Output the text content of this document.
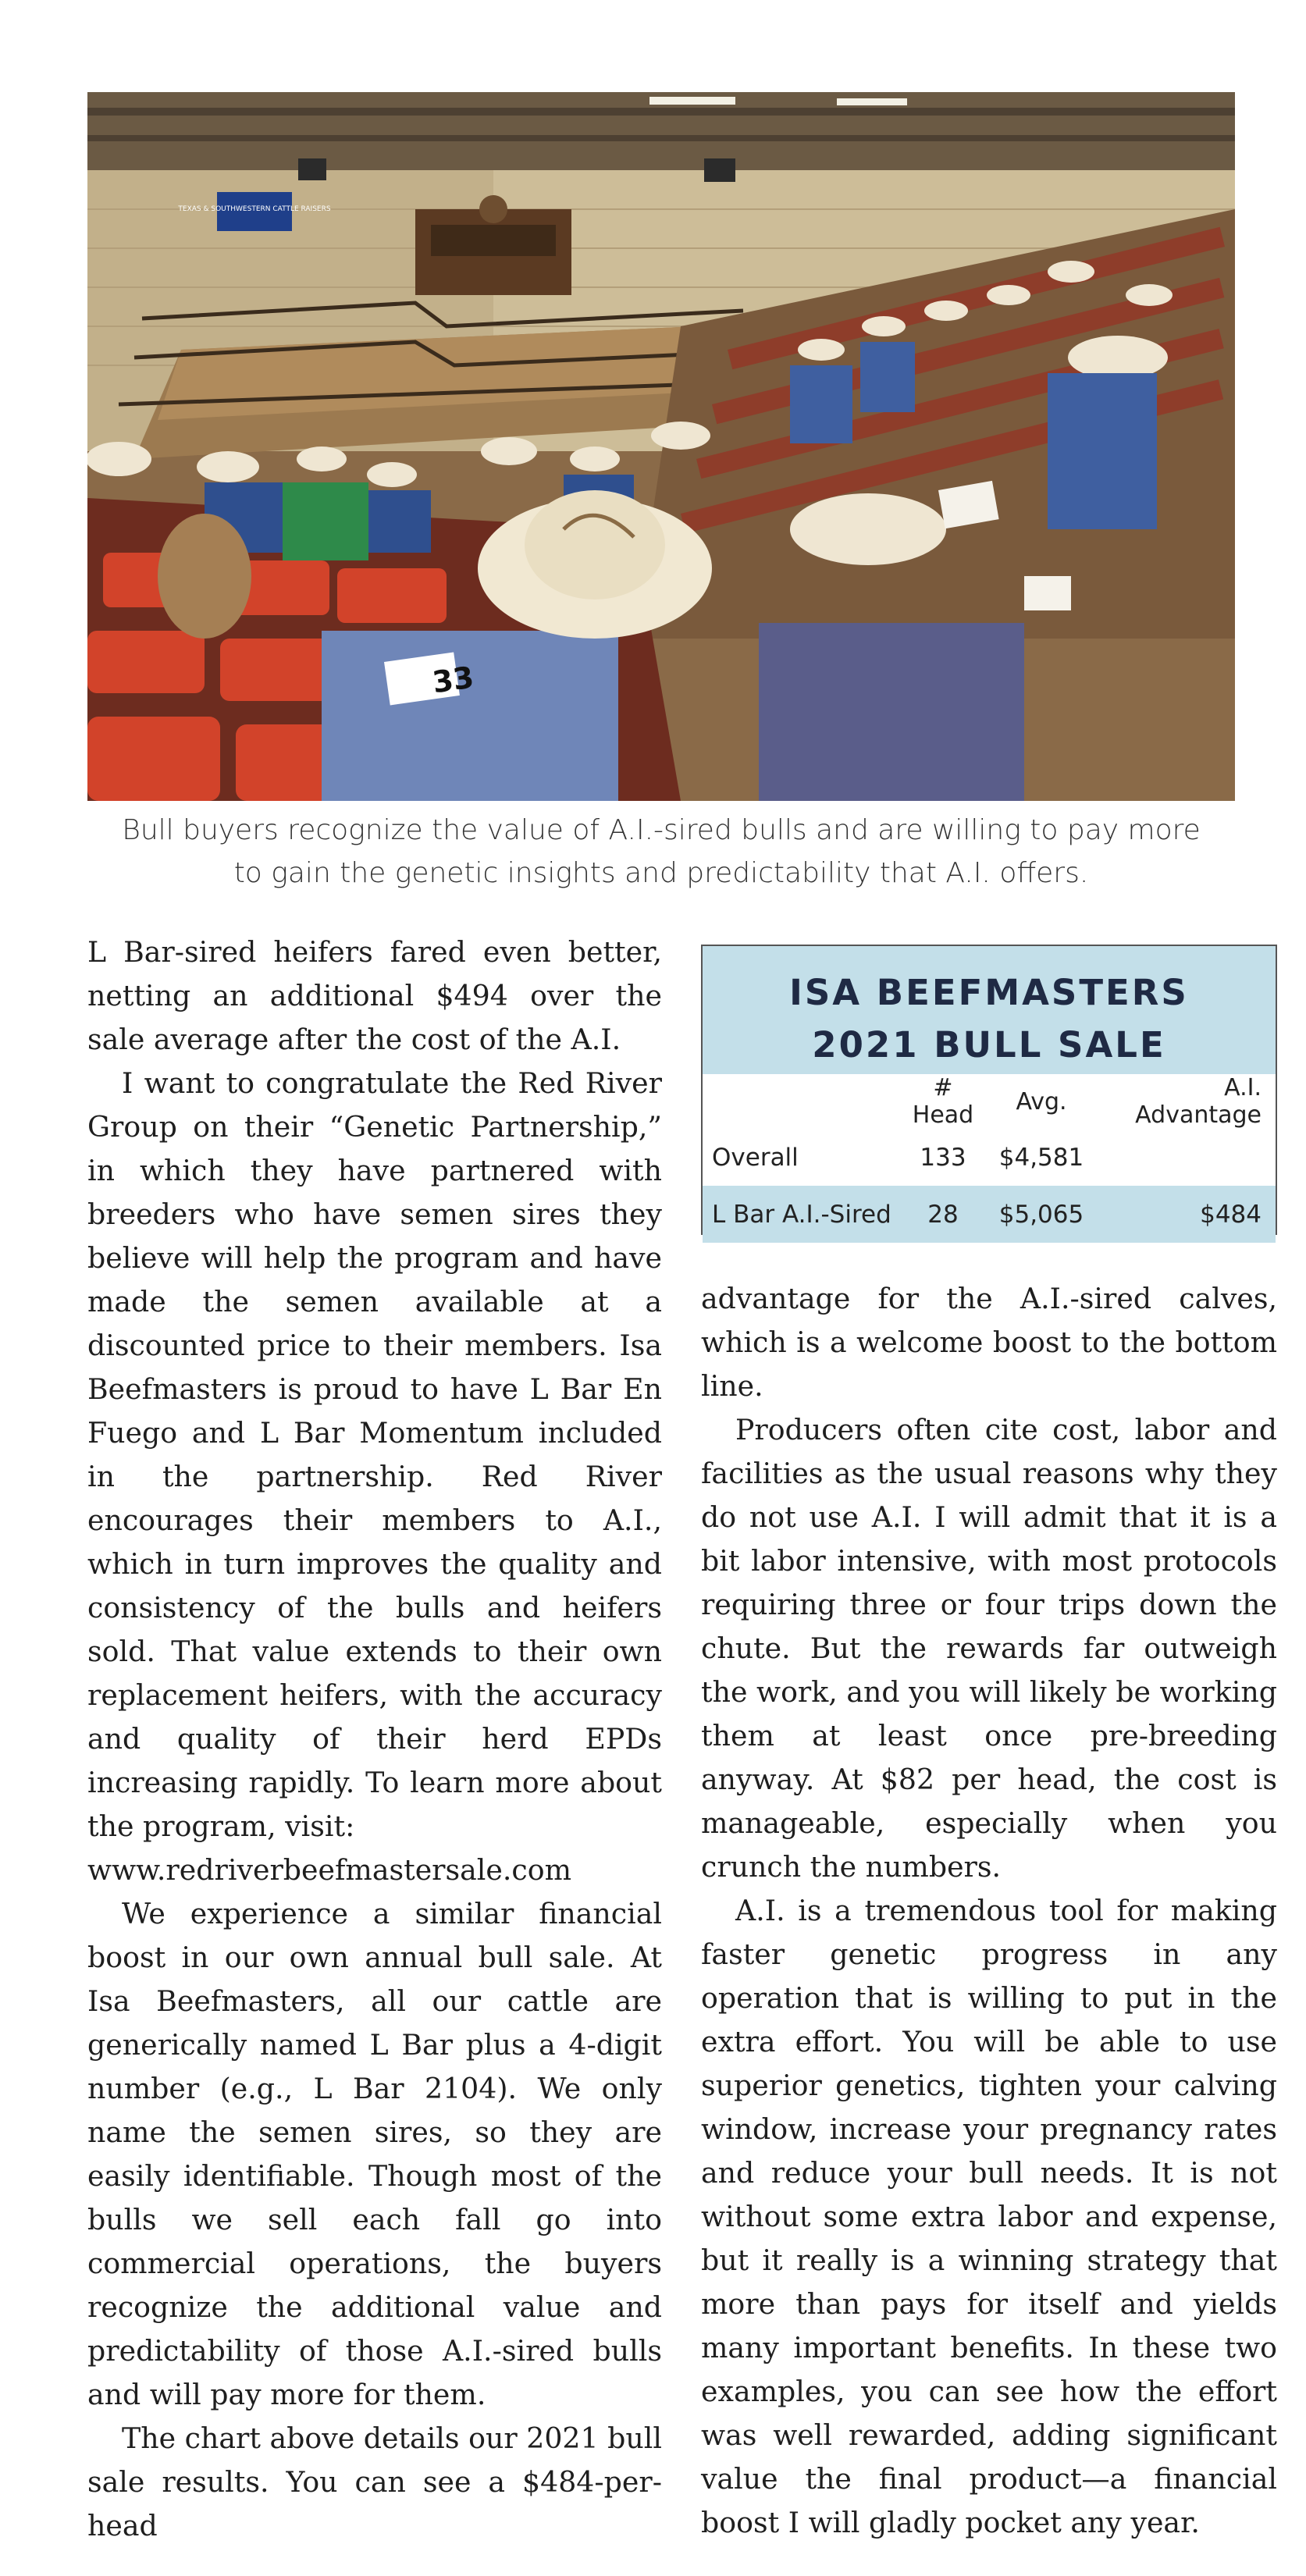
TEXAS & SOUTHWESTERN CATTLE RAISERS
33
Bull buyers recognize the value of A.I.-sired bulls and are willing to pay more
to gain the genetic insights and predictability that A.I. offers.

L Bar-sired heifers fared even better, netting an additional $494 over the sale average after the cost of the A.I.

I want to congratulate the Red River Group on their “Genetic Partnership,” in which they have partnered with breeders who have semen sires they believe will help the program and have made the semen available at a discounted price to their members. Isa Beefmasters is proud to have L Bar En Fuego and L Bar Momentum included in the partnership. Red River encourages their members to A.I., which in turn improves the quality and consistency of the bulls and heifers sold. That value extends to their own replacement heifers, with the accuracy and quality of their herd EPDs increasing rapidly. To learn more about the program, visit:

www.redriverbeefmastersale.com

We experience a similar financial boost in our own annual bull sale. At Isa Beefmasters, all our cattle are generically named L Bar plus a 4-digit number (e.g., L Bar 2104). We only name the semen sires, so they are easily identifiable. Though most of the bulls we sell each fall go into commercial operations, the buyers recognize the additional value and predictability of those A.I.-sired bulls and will pay more for them.

The chart above details our 2021 bull sale results. You can see a $484-per-head

ISA BEEFMASTERS
2021 BULL SALE
	# Head	Avg.	A.I. Advantage
Overall	133	$4,581	
L Bar A.I.-Sired	28	$5,065	$484

advantage for the A.I.-sired calves, which is a welcome boost to the bottom line.

Producers often cite cost, labor and facilities as the usual reasons why they do not use A.I. I will admit that it is a bit labor intensive, with most protocols requiring three or four trips down the chute. But the rewards far outweigh the work, and you will likely be working them at least once pre-breeding anyway. At $82 per head, the cost is manageable, especially when you crunch the numbers.

A.I. is a tremendous tool for making faster genetic progress in any operation that is willing to put in the extra effort. You will be able to use superior genetics, tighten your calving window, increase your pregnancy rates and reduce your bull needs. It is not without some extra labor and expense, but it really is a winning strategy that more than pays for itself and yields many important benefits. In these two examples, you can see how the effort was well rewarded, adding significant value the final product—a financial boost I will gladly pocket any year.
